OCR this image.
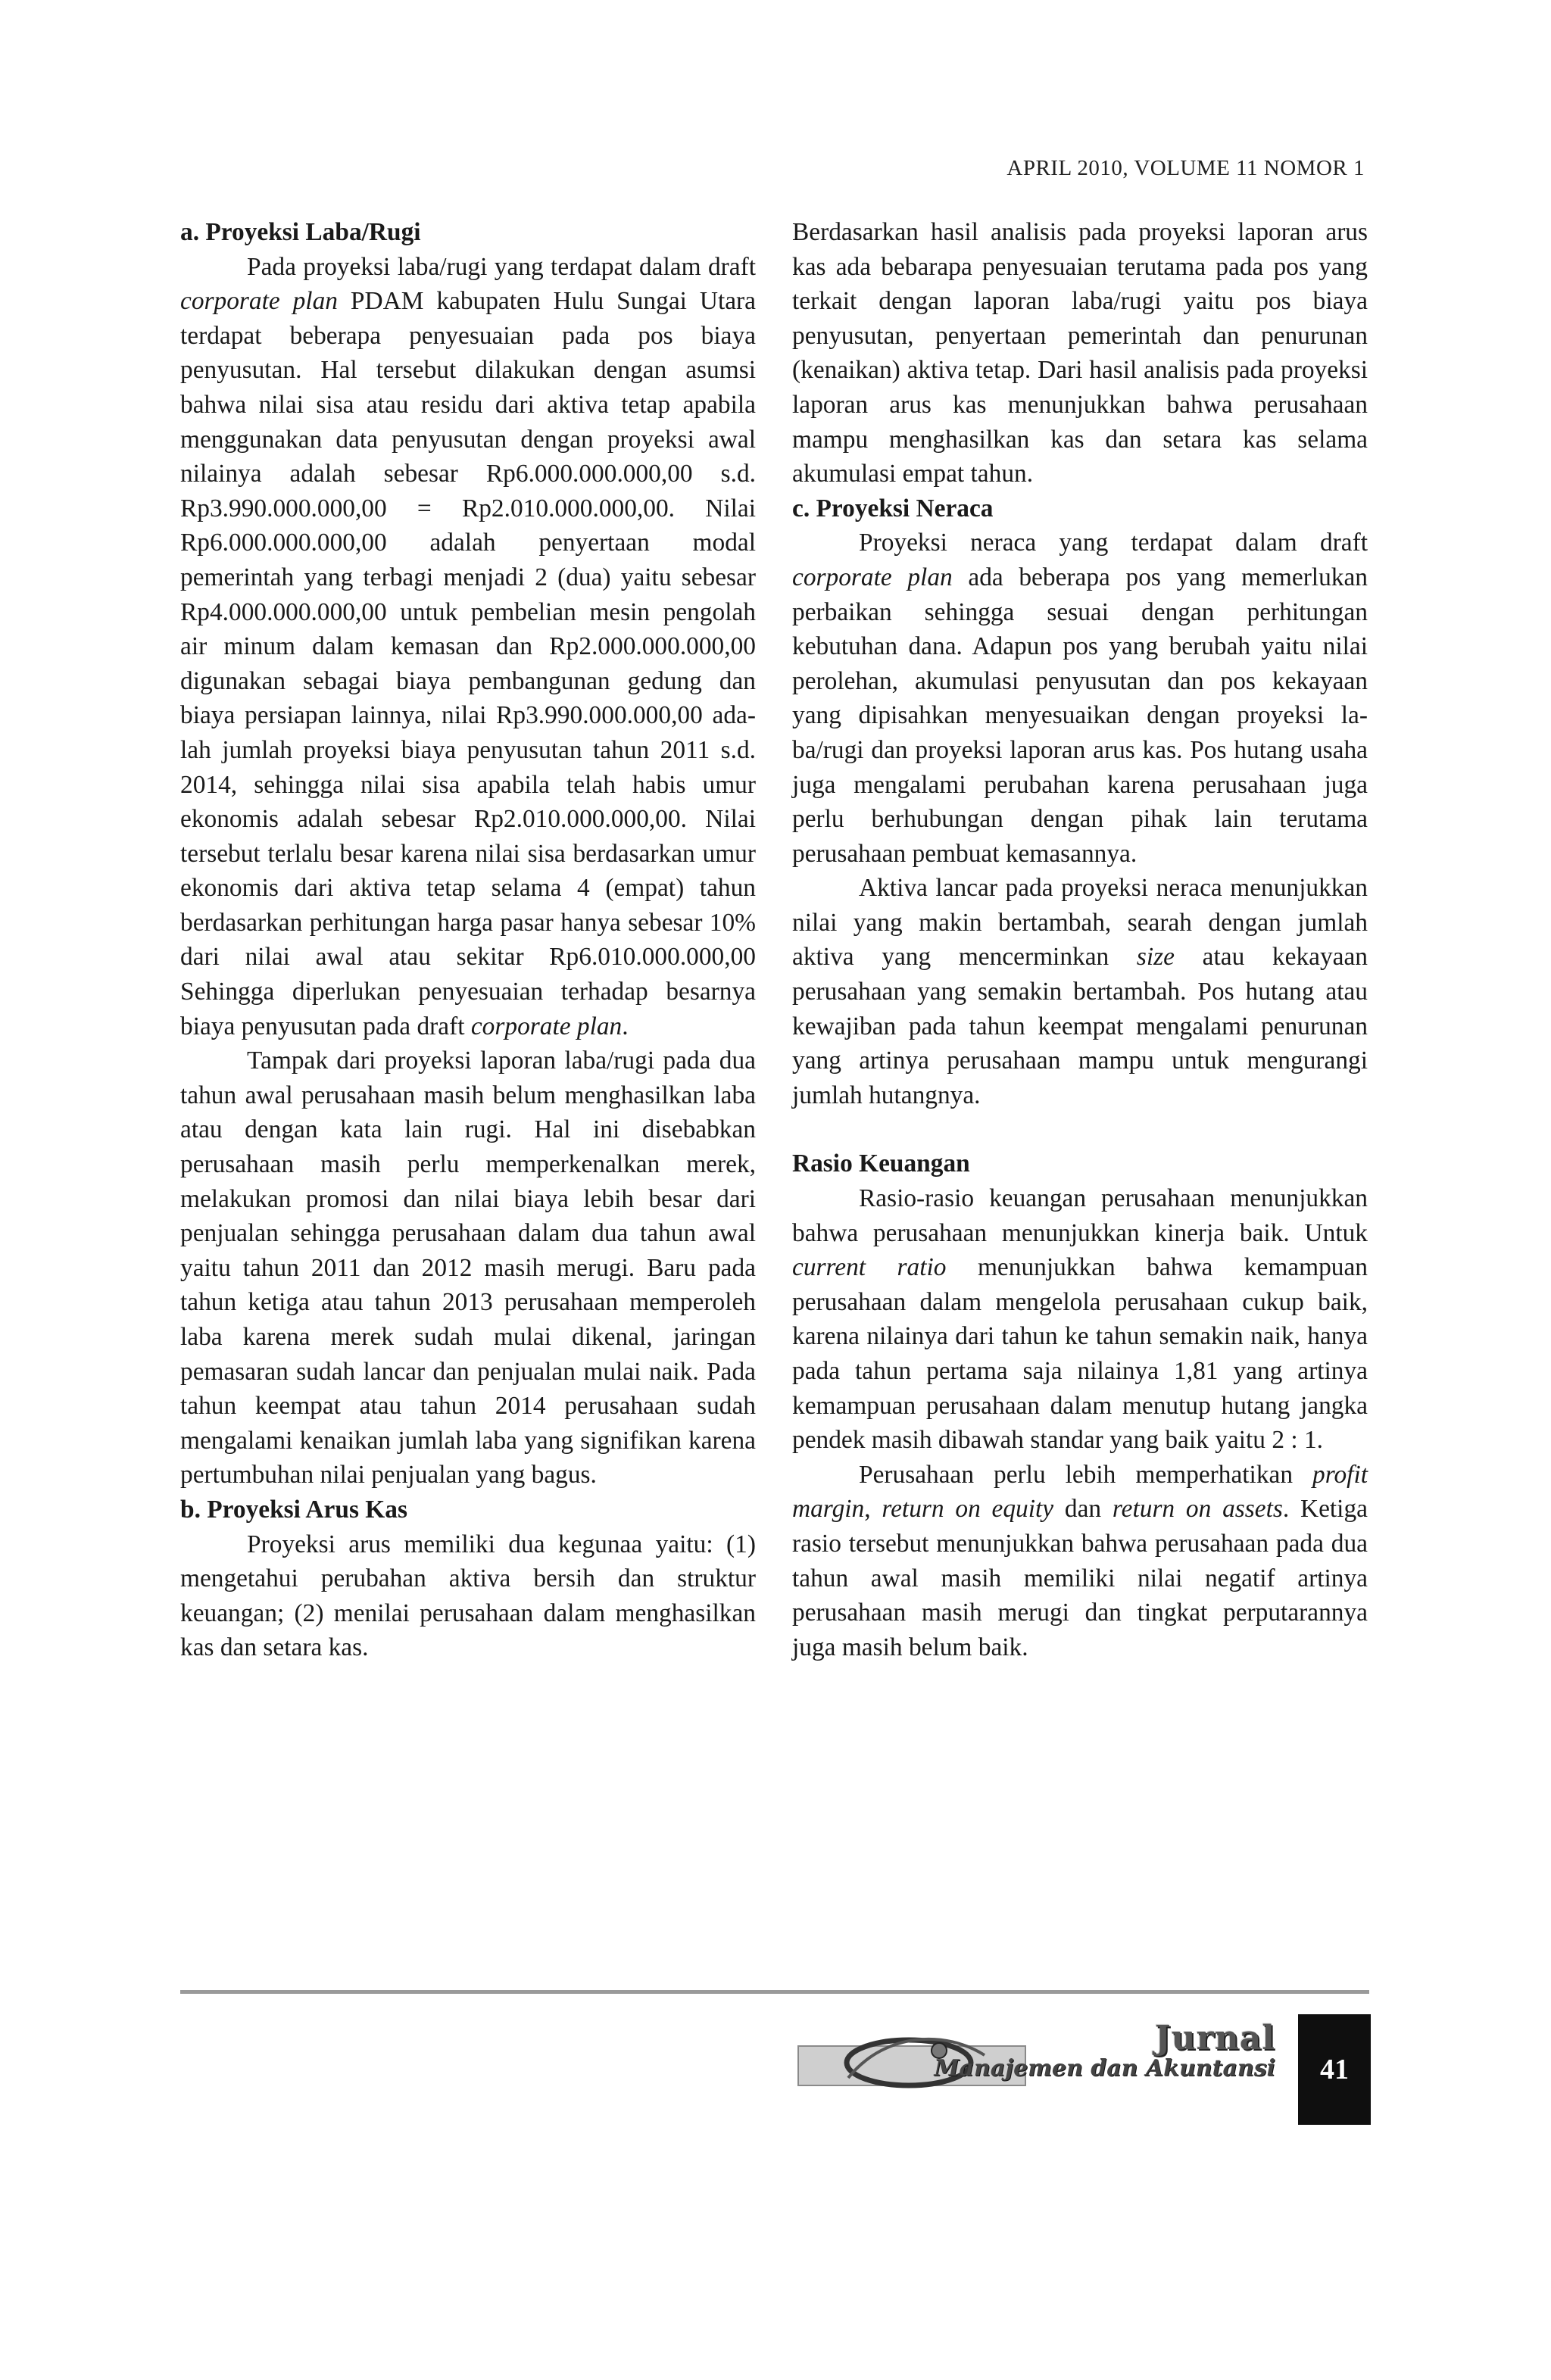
APRIL 2010, VOLUME 11 NOMOR 1
a. Proyeksi Laba/Rugi

Pada proyeksi laba/rugi yang terdapat dalam draft corporate plan PDAM kabupaten Hulu Sungai Utara terdapat beberapa penyesuaian pada pos biaya penyusutan. Hal tersebut dilakukan dengan asumsi bahwa nilai sisa atau residu dari aktiva tetap apabila menggunakan data penyusutan dengan proyeksi awal nilainya adalah sebesar Rp6.000.000.000,00 s.d. Rp3.990.000.000,00 = Rp2.010.000.000,00. Nilai Rp6.000.000.000,00 adalah penyertaan modal pemerintah yang terbagi menjadi 2 (dua) yaitu sebesar Rp4.000.000.000,00 untuk pembelian mesin pengolah air minum dalam kemasan dan Rp2.000.000.000,00 digunakan sebagai biaya pembangunan gedung dan biaya persiapan lainnya, nilai Rp3.990.000.000,00 adalah jumlah proyeksi biaya penyusutan tahun 2011 s.d. 2014, sehingga nilai sisa apabila telah habis umur ekonomis adalah sebesar Rp2.010.000.000,00. Nilai tersebut terlalu besar karena nilai sisa berdasarkan umur ekonomis dari aktiva tetap selama 4 (empat) tahun berdasarkan perhitungan harga pasar hanya sebesar 10% dari nilai awal atau sekitar Rp6.010.000.000,00 Sehingga diperlukan penyesuaian terhadap besarnya biaya penyusutan pada draft corporate plan.

Tampak dari proyeksi laporan laba/rugi pada dua tahun awal perusahaan masih belum menghasilkan laba atau dengan kata lain rugi. Hal ini disebabkan perusahaan masih perlu memperkenalkan merek, melakukan promosi dan nilai biaya lebih besar dari penjualan sehingga perusahaan dalam dua tahun awal yaitu tahun 2011 dan 2012 masih merugi. Baru pada tahun ketiga atau tahun 2013 perusahaan memperoleh laba karena merek sudah mulai dikenal, jaringan pemasaran sudah lancar dan penjualan mulai naik. Pada tahun keempat atau tahun 2014 perusahaan sudah mengalami kenaikan jumlah laba yang signifikan karena pertumbuhan nilai penjualan yang bagus.

b. Proyeksi Arus Kas

Proyeksi arus memiliki dua kegunaa yaitu: (1) mengetahui perubahan aktiva bersih dan struktur keuangan; (2) menilai perusahaan dalam menghasilkan kas dan setara kas.

Berdasarkan hasil analisis pada proyeksi laporan arus kas ada bebarapa penyesuaian terutama pada pos yang terkait dengan laporan laba/rugi yaitu pos biaya penyusutan, penyertaan pemerintah dan penurunan (kenaikan) aktiva tetap. Dari hasil analisis pada proyeksi laporan arus kas menunjukkan bahwa perusahaan mampu menghasilkan kas dan setara kas selama akumulasi empat tahun.

c. Proyeksi Neraca

Proyeksi neraca yang terdapat dalam draft corporate plan ada beberapa pos yang memerlukan perbaikan sehingga sesuai dengan perhitungan kebutuhan dana. Adapun pos yang berubah yaitu nilai perolehan, akumulasi penyusutan dan pos kekayaan yang dipisahkan menyesuaikan dengan proyeksi laba/rugi dan proyeksi laporan arus kas. Pos hutang usaha juga mengalami perubahan karena perusahaan juga perlu berhubungan dengan pihak lain terutama perusahaan pembuat kemasannya.

Aktiva lancar pada proyeksi neraca menunjukkan nilai yang makin bertambah, searah dengan jumlah aktiva yang mencerminkan size atau kekayaan perusahaan yang semakin bertambah. Pos hutang atau kewajiban pada tahun keempat mengalami penurunan yang artinya perusahaan mampu untuk mengurangi jumlah hutangnya.

Rasio Keuangan

Rasio-rasio keuangan perusahaan menunjukkan bahwa perusahaan menunjukkan kinerja baik. Untuk current ratio menunjukkan bahwa kemampuan perusahaan dalam mengelola perusahaan cukup baik, karena nilainya dari tahun ke tahun semakin naik, hanya pada tahun pertama saja nilainya 1,81 yang artinya kemampuan perusahaan dalam menutup hutang jangka pendek masih dibawah standar yang baik yaitu 2 : 1.

Perusahaan perlu lebih memperhatikan profit margin, return on equity dan return on assets. Ketiga rasio tersebut menunjukkan bahwa perusahaan pada dua tahun awal masih memiliki nilai negatif artinya perusahaan masih merugi dan tingkat perputarannya juga masih belum baik.

Jurnal
Manajemen dan Akuntansi	41
